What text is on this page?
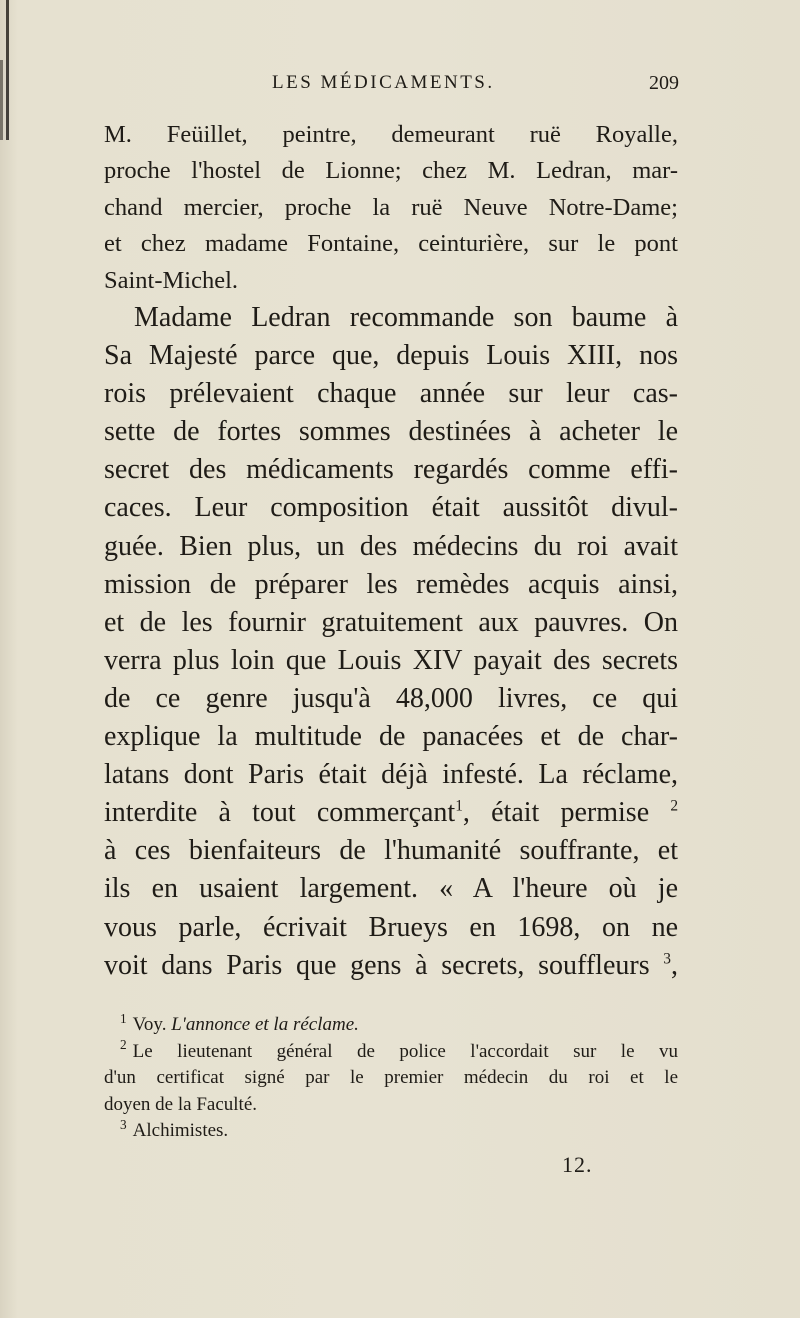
LES MÉDICAMENTS.	209
M. Feüillet, peintre, demeurant ruë Royalle,
proche l'hostel de Lionne; chez M. Ledran, mar-
chand mercier, proche la ruë Neuve Notre-Dame;
et chez madame Fontaine, ceinturière, sur le pont
Saint-Michel.
Madame Ledran recommande son baume à
Sa Majesté parce que, depuis Louis XIII, nos
rois prélevaient chaque année sur leur cas-
sette de fortes sommes destinées à acheter le
secret des médicaments regardés comme effi-
caces. Leur composition était aussitôt divul-
guée. Bien plus, un des médecins du roi avait
mission de préparer les remèdes acquis ainsi,
et de les fournir gratuitement aux pauvres. On
verra plus loin que Louis XIV payait des secrets
de ce genre jusqu'à 48,000 livres, ce qui
explique la multitude de panacées et de char-
latans dont Paris était déjà infesté. La réclame,
interdite à tout commerçant$^1$, était permise $^2$
à ces bienfaiteurs de l'humanité souffrante, et
ils en usaient largement. « A l'heure où je
vous parle, écrivait Brueys en 1698, on ne
voit dans Paris que gens à secrets, souffleurs $^3$,
$^1$ Voy. L'annonce et la réclame.
$^2$ Le lieutenant général de police l'accordait sur le vu
d'un certificat signé par le premier médecin du roi et le
doyen de la Faculté.
$^3$ Alchimistes.
12.
